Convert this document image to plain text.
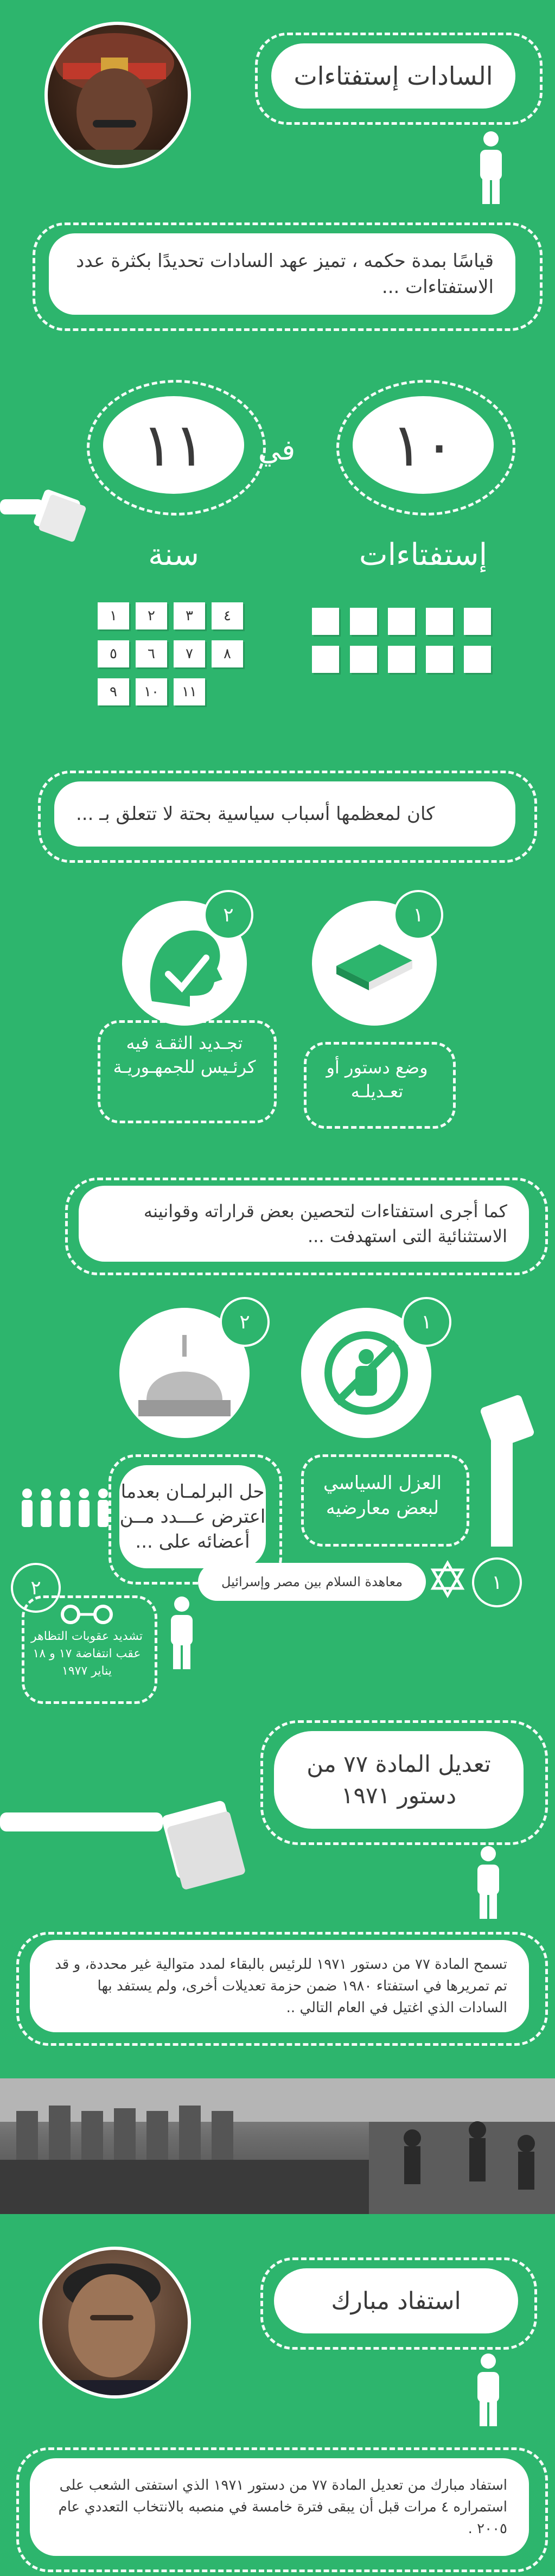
السادات إستفتاءات
قياسًا بمدة حكمه ، تميز عهد السادات تحديدًا بكثرة عدد الاستفتاءات ...
١٠
١١ في
إستفتاءات
سنة
١	٢	٣	٤
٥	٦	٧	٨
٩	١٠	١١
كان لمعظمها أسباب سياسية بحتة لا تتعلق بـ ...
١
وضع دستور أو تعـديلـه
٢
تجـديد الثقـة فيه كرئـيس للجمهـوريـة
كما أجرى استفتاءات لتحصين بعض قراراته وقوانينه الاستثنائية التى استهدفت ...
١
العزل السياسي لبعض معارضيه
٢
حل البرلمـان بعدما اعترض عـــدد مــن أعضائه على ...
١
معاهدة السلام بين مصر وإسرائيل
٢
تشديد عقوبات التظاهر عقب انتفاضة ١٧ و ١٨ يناير ١٩٧٧
تعديل المادة ٧٧ من دستور ١٩٧١
تسمح المادة ٧٧ من دستور ١٩٧١ للرئيس بالبقاء لمدد متوالية غير محددة، و قد تم تمريرها في استفتاء ١٩٨٠ ضمن حزمة تعديلات أخرى، ولم يستفد بها السادات الذي اغتيل في العام التالي ..
استفاد مبارك
استفاد مبارك من تعديل المادة ٧٧ من دستور ١٩٧١ الذي استفتى الشعب على استمراره ٤ مرات قبل أن يبقى فترة خامسة في منصبه بالانتخاب التعددي عام ٢٠٠٥ .
